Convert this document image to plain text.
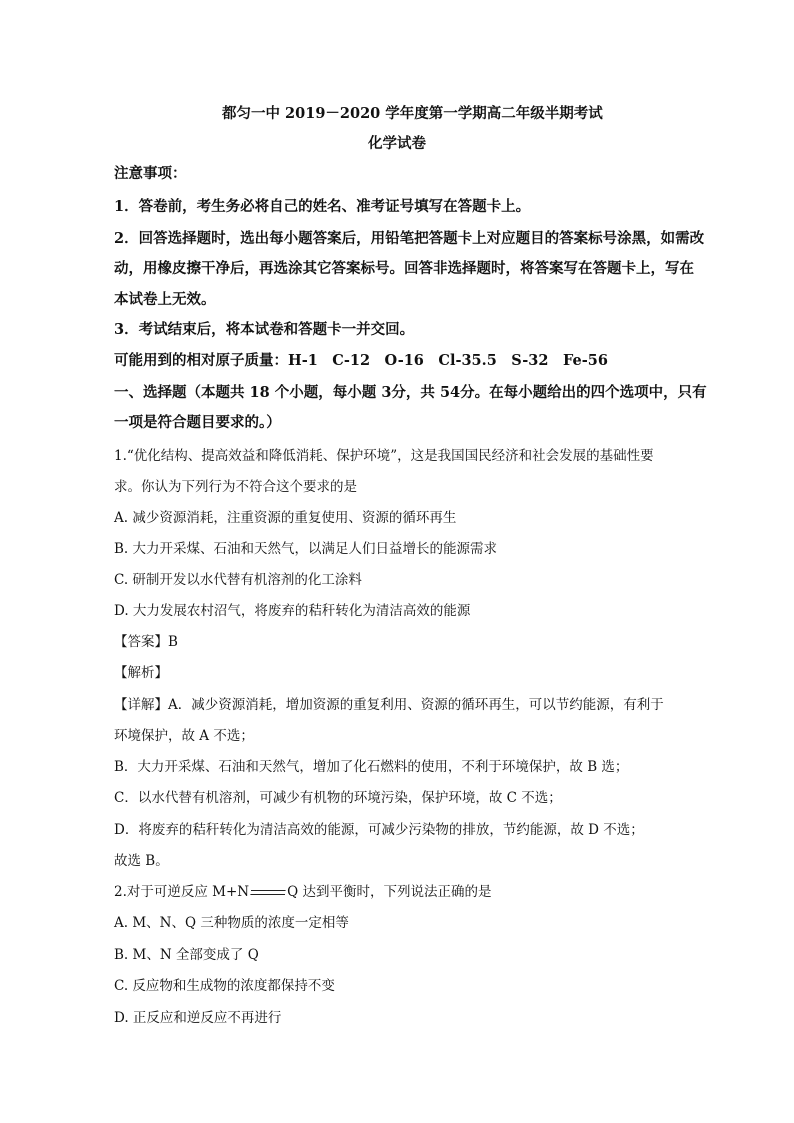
都匀一中 2019－2020 学年度第一学期高二年级半期考试
化学试卷
注意事项：
1．答卷前，考生务必将自己的姓名、准考证号填写在答题卡上。
2．回答选择题时，选出每小题答案后，用铅笔把答题卡上对应题目的答案标号涂黑，如需改
动，用橡皮擦干净后，再选涂其它答案标号。回答非选择题时，将答案写在答题卡上，写在
本试卷上无效。
3．考试结束后，将本试卷和答题卡一并交回。
可能用到的相对原子质量：H-1　C-12　O-16　Cl-35.5　S-32　Fe-56
一、选择题（本题共 18 个小题，每小题 3分，共 54分。在每小题给出的四个选项中，只有
一项是符合题目要求的。）
1.“优化结构、提高效益和降低消耗、保护环境”，这是我国国民经济和社会发展的基础性要
求。你认为下列行为不符合这个要求的是
A. 减少资源消耗，注重资源的重复使用、资源的循环再生
B. 大力开采煤、石油和天然气，以满足人们日益增长的能源需求
C. 研制开发以水代替有机溶剂的化工涂料
D. 大力发展农村沼气，将废弃的秸秆转化为清洁高效的能源
【答案】B
【解析】
【详解】A．减少资源消耗，增加资源的重复利用、资源的循环再生，可以节约能源，有利于
环境保护，故 A 不选；
B．大力开采煤、石油和天然气，增加了化石燃料的使用，不利于环境保护，故 B 选；
C．以水代替有机溶剂，可减少有机物的环境污染，保护环境，故 C 不选；
D．将废弃的秸秆转化为清洁高效的能源，可减少污染物的排放，节约能源，故 D 不选；
故选 B。
2.对于可逆反应 M+N	Q 达到平衡时，下列说法正确的是
A. M、N、Q 三种物质的浓度一定相等
B. M、N 全部变成了 Q
C. 反应物和生成物的浓度都保持不变
D. 正反应和逆反应不再进行
